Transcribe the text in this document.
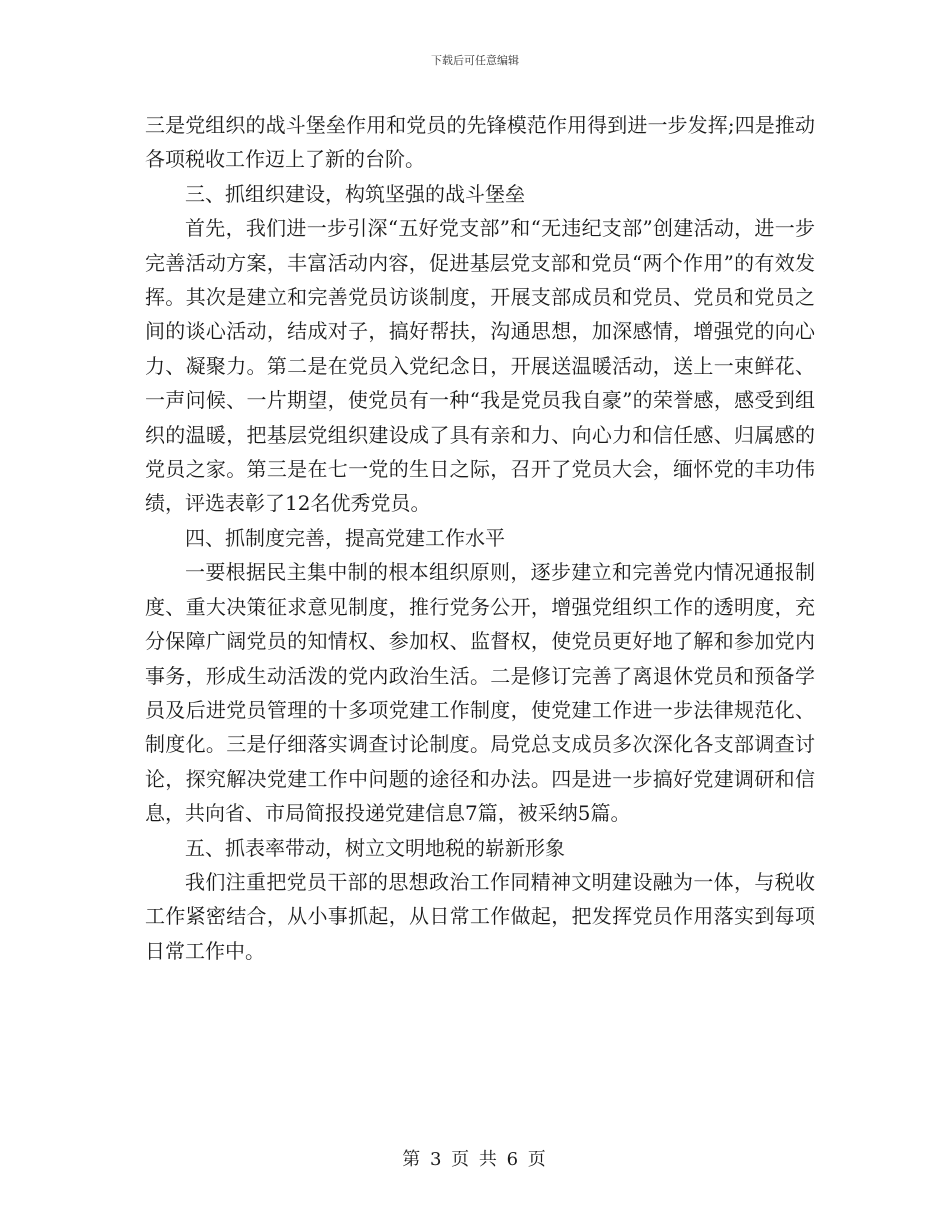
下载后可任意编辑

三是党组织的战斗堡垒作用和党员的先锋模范作用得到进一步发挥;四是推动各项税收工作迈上了新的台阶。

三、抓组织建设，构筑坚强的战斗堡垒

首先，我们进一步引深“五好党支部”和“无违纪支部”创建活动，进一步完善活动方案，丰富活动内容，促进基层党支部和党员“两个作用”的有效发挥。其次是建立和完善党员访谈制度，开展支部成员和党员、党员和党员之间的谈心活动，结成对子，搞好帮扶，沟通思想，加深感情，增强党的向心力、凝聚力。第二是在党员入党纪念日，开展送温暖活动，送上一束鲜花、一声问候、一片期望，使党员有一种“我是党员我自豪”的荣誉感，感受到组织的温暖，把基层党组织建设成了具有亲和力、向心力和信任感、归属感的党员之家。第三是在七一党的生日之际，召开了党员大会，缅怀党的丰功伟绩，评选表彰了12名优秀党员。

四、抓制度完善，提高党建工作水平

一要根据民主集中制的根本组织原则，逐步建立和完善党内情况通报制度、重大决策征求意见制度，推行党务公开，增强党组织工作的透明度，充分保障广阔党员的知情权、参加权、监督权，使党员更好地了解和参加党内事务，形成生动活泼的党内政治生活。二是修订完善了离退休党员和预备学员及后进党员管理的十多项党建工作制度，使党建工作进一步法律规范化、制度化。三是仔细落实调查讨论制度。局党总支成员多次深化各支部调查讨论，探究解决党建工作中问题的途径和办法。四是进一步搞好党建调研和信息，共向省、市局简报投递党建信息7篇，被采纳5篇。

五、抓表率带动，树立文明地税的崭新形象

我们注重把党员干部的思想政治工作同精神文明建设融为一体，与税收工作紧密结合，从小事抓起，从日常工作做起，把发挥党员作用落实到每项日常工作中。

第 3 页 共 6 页
